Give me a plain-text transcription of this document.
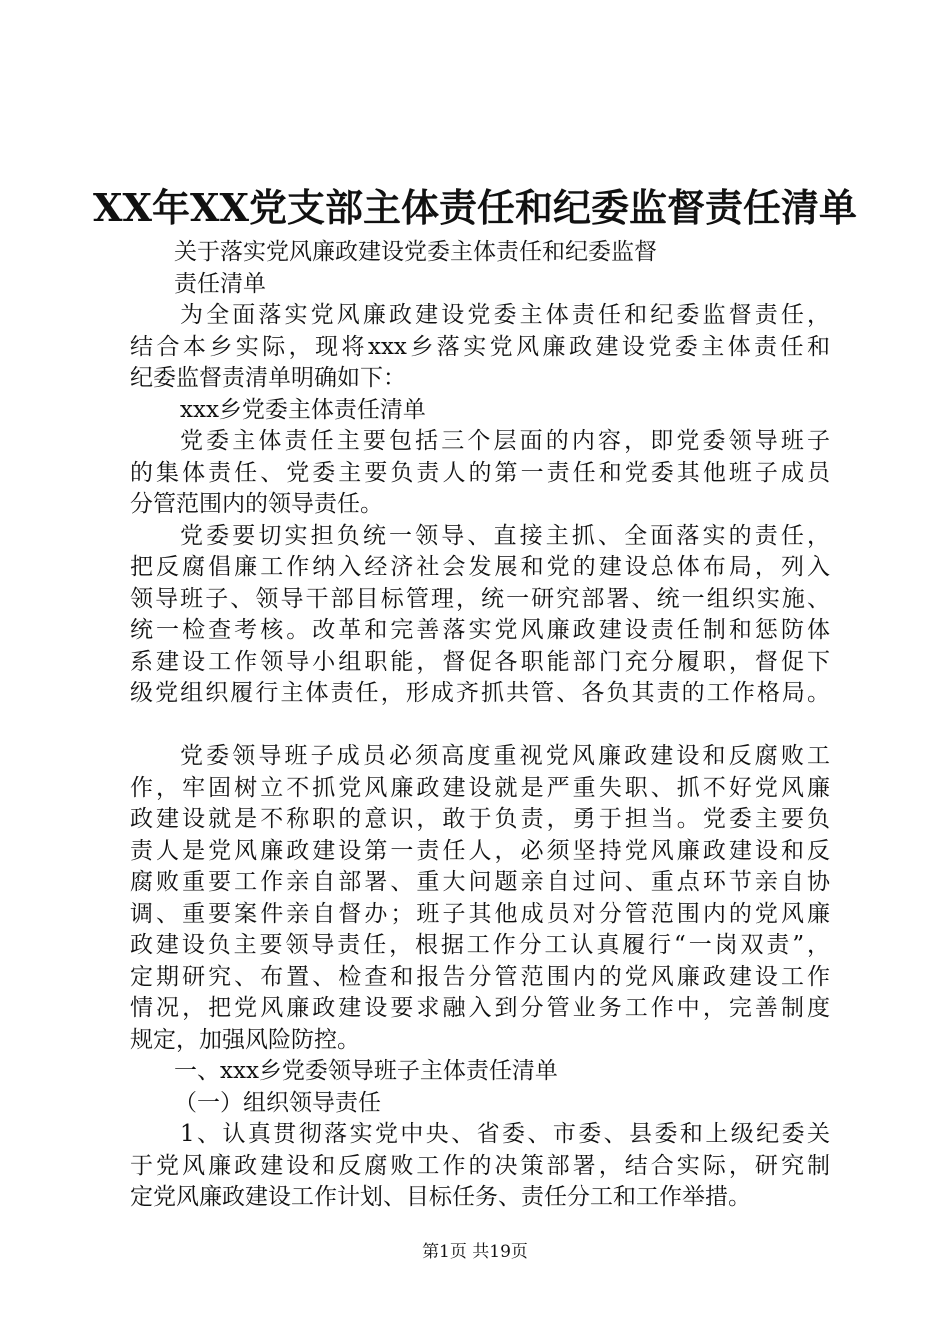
XX年XX党支部主体责任和纪委监督责任清单
关于落实党风廉政建设党委主体责任和纪委监督
责任清单
为全面落实党风廉政建设党委主体责任和纪委监督责任，
结合本乡实际，现将xxx乡落实党风廉政建设党委主体责任和
纪委监督责清单明确如下：
xxx乡党委主体责任清单
党委主体责任主要包括三个层面的内容，即党委领导班子
的集体责任、党委主要负责人的第一责任和党委其他班子成员
分管范围内的领导责任。
党委要切实担负统一领导、直接主抓、全面落实的责任，
把反腐倡廉工作纳入经济社会发展和党的建设总体布局，列入
领导班子、领导干部目标管理，统一研究部署、统一组织实施、
统一检查考核。改革和完善落实党风廉政建设责任制和惩防体
系建设工作领导小组职能，督促各职能部门充分履职，督促下
级党组织履行主体责任，形成齐抓共管、各负其责的工作格局。
党委领导班子成员必须高度重视党风廉政建设和反腐败工
作，牢固树立不抓党风廉政建设就是严重失职、抓不好党风廉
政建设就是不称职的意识，敢于负责，勇于担当。党委主要负
责人是党风廉政建设第一责任人，必须坚持党风廉政建设和反
腐败重要工作亲自部署、重大问题亲自过问、重点环节亲自协
调、重要案件亲自督办；班子其他成员对分管范围内的党风廉
政建设负主要领导责任，根据工作分工认真履行“一岗双责”，
定期研究、布置、检查和报告分管范围内的党风廉政建设工作
情况，把党风廉政建设要求融入到分管业务工作中，完善制度
规定，加强风险防控。
一、xxx乡党委领导班子主体责任清单
（一）组织领导责任
1、认真贯彻落实党中央、省委、市委、县委和上级纪委关
于党风廉政建设和反腐败工作的决策部署，结合实际，研究制
定党风廉政建设工作计划、目标任务、责任分工和工作举措。
第1页 共19页
